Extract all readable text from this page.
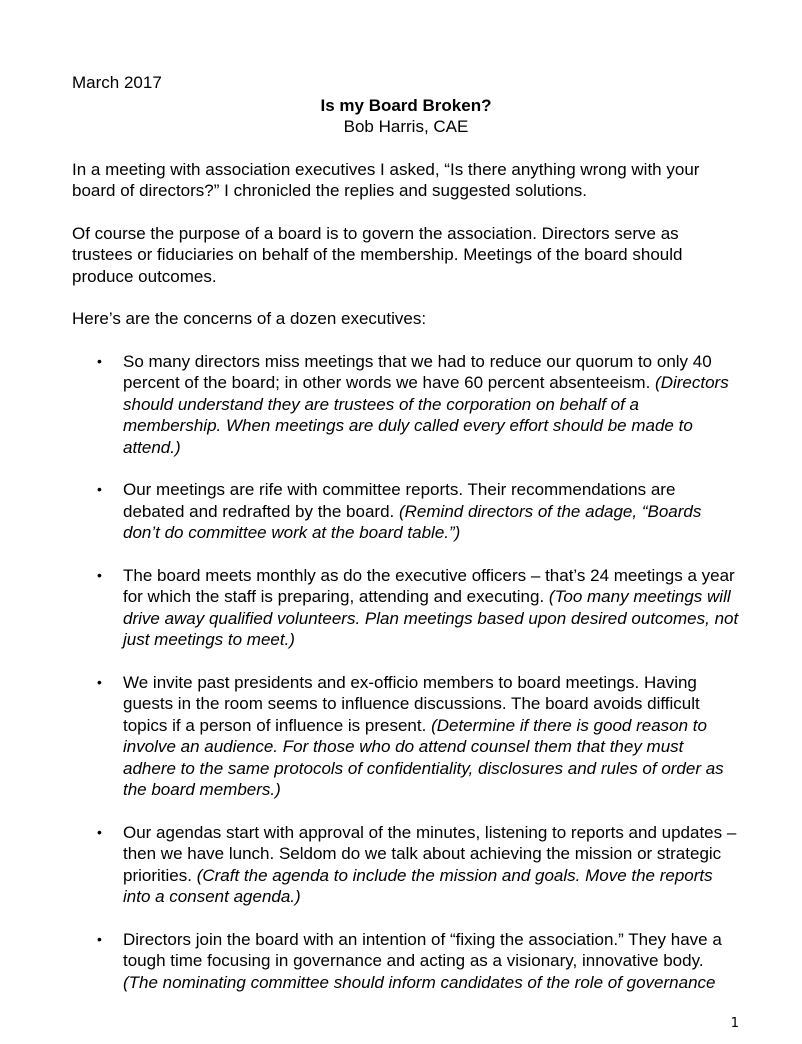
March 2017

Is my Board Broken?

Bob Harris, CAE

In a meeting with association executives I asked, “Is there anything wrong with your board of directors?” I chronicled the replies and suggested solutions.

Of course the purpose of a board is to govern the association. Directors serve as trustees or fiduciaries on behalf of the membership. Meetings of the board should produce outcomes.

Here’s are the concerns of a dozen executives:

• So many directors miss meetings that we had to reduce our quorum to only 40 percent of the board; in other words we have 60 percent absenteeism. (Directors should understand they are trustees of the corporation on behalf of a membership. When meetings are duly called every effort should be made to attend.)
• Our meetings are rife with committee reports. Their recommendations are debated and redrafted by the board. (Remind directors of the adage, “Boards don’t do committee work at the board table.”)
• The board meets monthly as do the executive officers – that’s 24 meetings a year for which the staff is preparing, attending and executing. (Too many meetings will drive away qualified volunteers. Plan meetings based upon desired outcomes, not just meetings to meet.)
• We invite past presidents and ex-officio members to board meetings. Having guests in the room seems to influence discussions. The board avoids difficult topics if a person of influence is present. (Determine if there is good reason to involve an audience. For those who do attend counsel them that they must adhere to the same protocols of confidentiality, disclosures and rules of order as the board members.)
• Our agendas start with approval of the minutes, listening to reports and updates – then we have lunch. Seldom do we talk about achieving the mission or strategic priorities. (Craft the agenda to include the mission and goals. Move the reports into a consent agenda.)
• Directors join the board with an intention of “fixing the association.” They have a tough time focusing in governance and acting as a visionary, innovative body. (The nominating committee should inform candidates of the role of governance
1
